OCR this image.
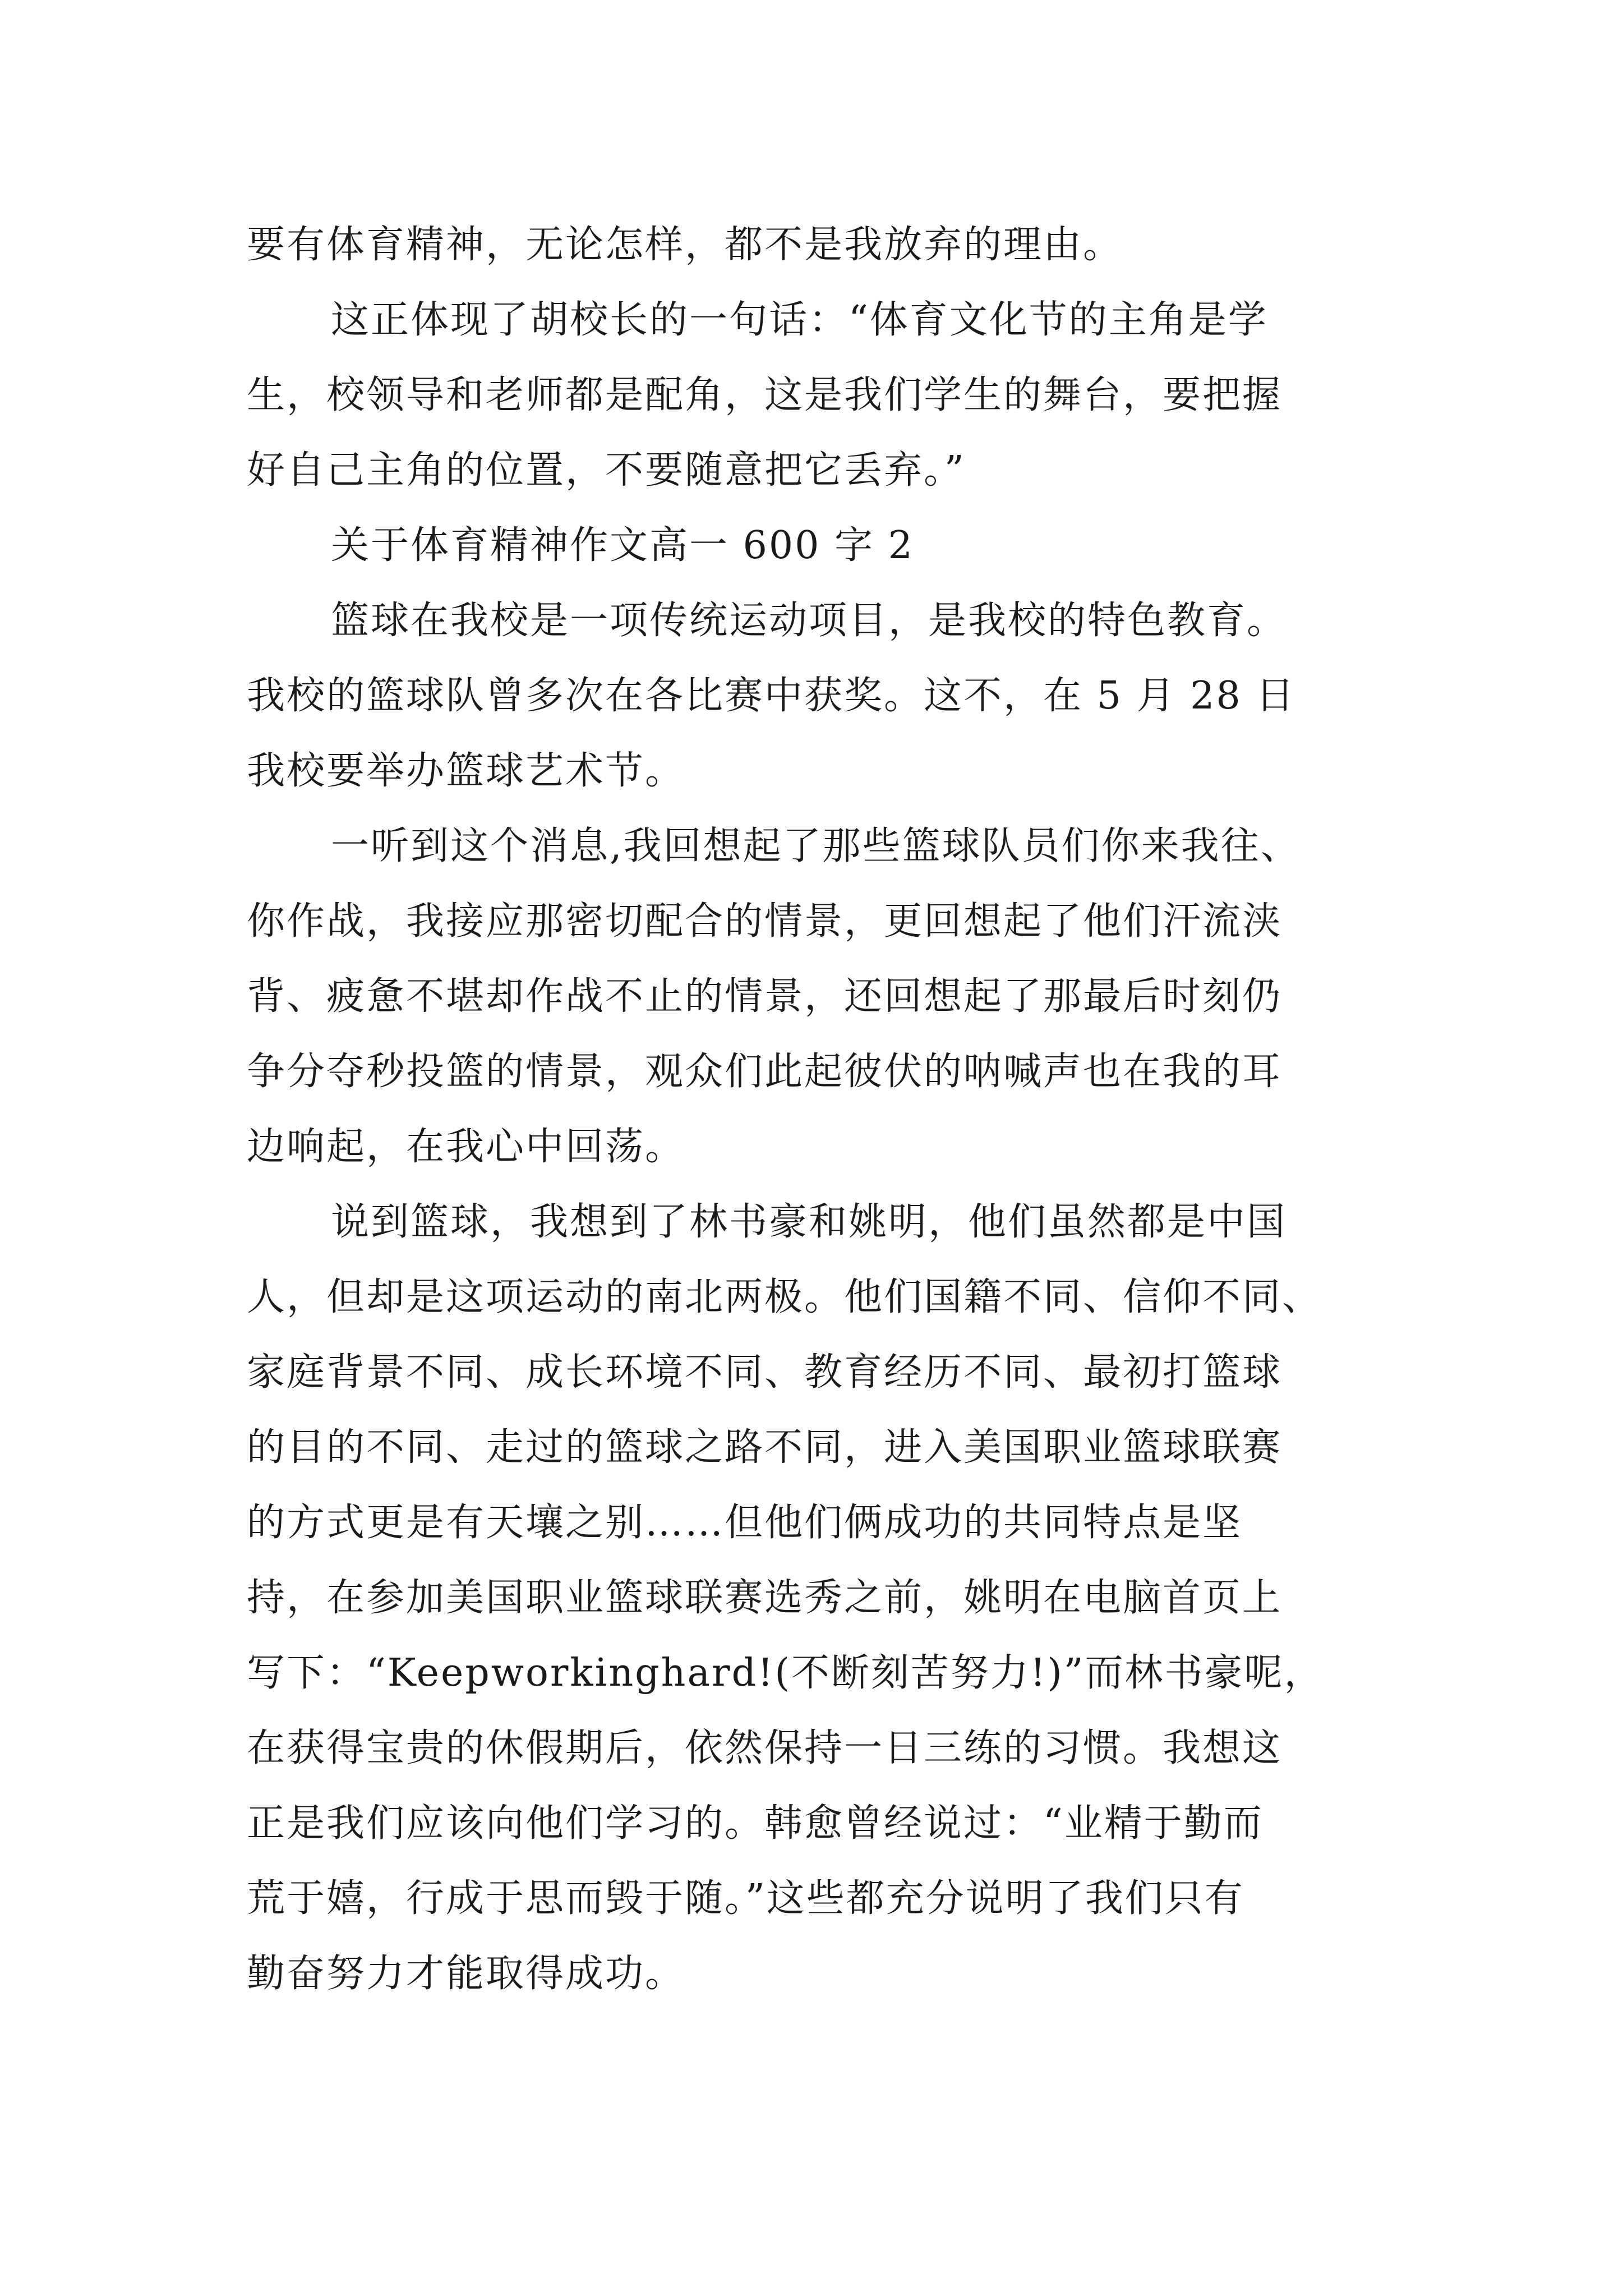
要有体育精神，无论怎样，都不是我放弃的理由。
这正体现了胡校长的一句话：“体育文化节的主角是学
生，校领导和老师都是配角，这是我们学生的舞台，要把握
好自己主角的位置，不要随意把它丢弃。”
关于体育精神作文高一 600 字 2
篮球在我校是一项传统运动项目，是我校的特色教育。
我校的篮球队曾多次在各比赛中获奖。这不，在 5 月 28 日
我校要举办篮球艺术节。
一听到这个消息,我回想起了那些篮球队员们你来我往、
你作战，我接应那密切配合的情景，更回想起了他们汗流浃
背、疲惫不堪却作战不止的情景，还回想起了那最后时刻仍
争分夺秒投篮的情景，观众们此起彼伏的呐喊声也在我的耳
边响起，在我心中回荡。
说到篮球，我想到了林书豪和姚明，他们虽然都是中国
人，但却是这项运动的南北两极。他们国籍不同、信仰不同、
家庭背景不同、成长环境不同、教育经历不同、最初打篮球
的目的不同、走过的篮球之路不同，进入美国职业篮球联赛
的方式更是有天壤之别……但他们俩成功的共同特点是坚
持，在参加美国职业篮球联赛选秀之前，姚明在电脑首页上
写下：“Keepworkinghard!(不断刻苦努力!)”而林书豪呢，
在获得宝贵的休假期后，依然保持一日三练的习惯。我想这
正是我们应该向他们学习的。韩愈曾经说过：“业精于勤而
荒于嬉，行成于思而毁于随。”这些都充分说明了我们只有
勤奋努力才能取得成功。
